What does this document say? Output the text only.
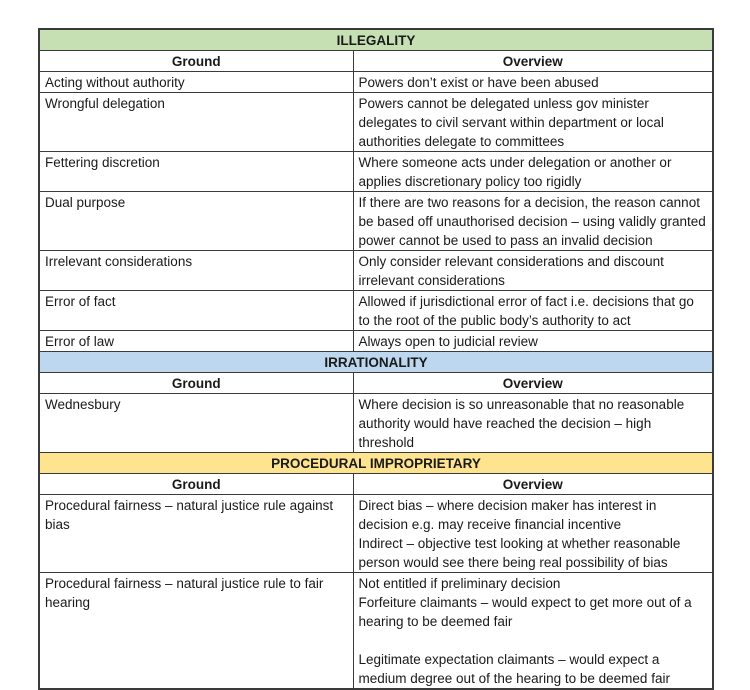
ILLEGALITY	
Ground	Overview
Acting without authority	Powers don’t exist or have been abused

Wrongful delegation	Powers cannot be delegated unless gov minister delegates to civil servant within department or local authorities delegate to committees

Fettering discretion	Where someone acts under delegation or another or applies discretionary policy too rigidly

Dual purpose	If there are two reasons for a decision, the reason cannot be based off unauthorised decision – using validly granted power cannot be used to pass an invalid decision

Irrelevant considerations	Only consider relevant considerations and discount irrelevant considerations

Error of fact	Allowed if jurisdictional error of fact i.e. decisions that go to the root of the public body’s authority to act

Error of law	Always open to judicial review

IRRATIONALITY	
Ground	Overview
Wednesbury	Where decision is so unreasonable that no reasonable authority would have reached the decision – high threshold

PROCEDURAL IMPROPRIETARY	
Ground	Overview
Procedural fairness – natural justice rule against bias	Direct bias – where decision maker has interest in decision e.g. may receive financial incentive
Indirect – objective test looking at whether reasonable person would see there being real possibility of bias

Procedural fairness – natural justice rule to fair hearing	Not entitled if preliminary decision
Forfeiture claimants – would expect to get more out of a hearing to be deemed fair
Legitimate expectation claimants – would expect a medium degree out of the hearing to be deemed fair
